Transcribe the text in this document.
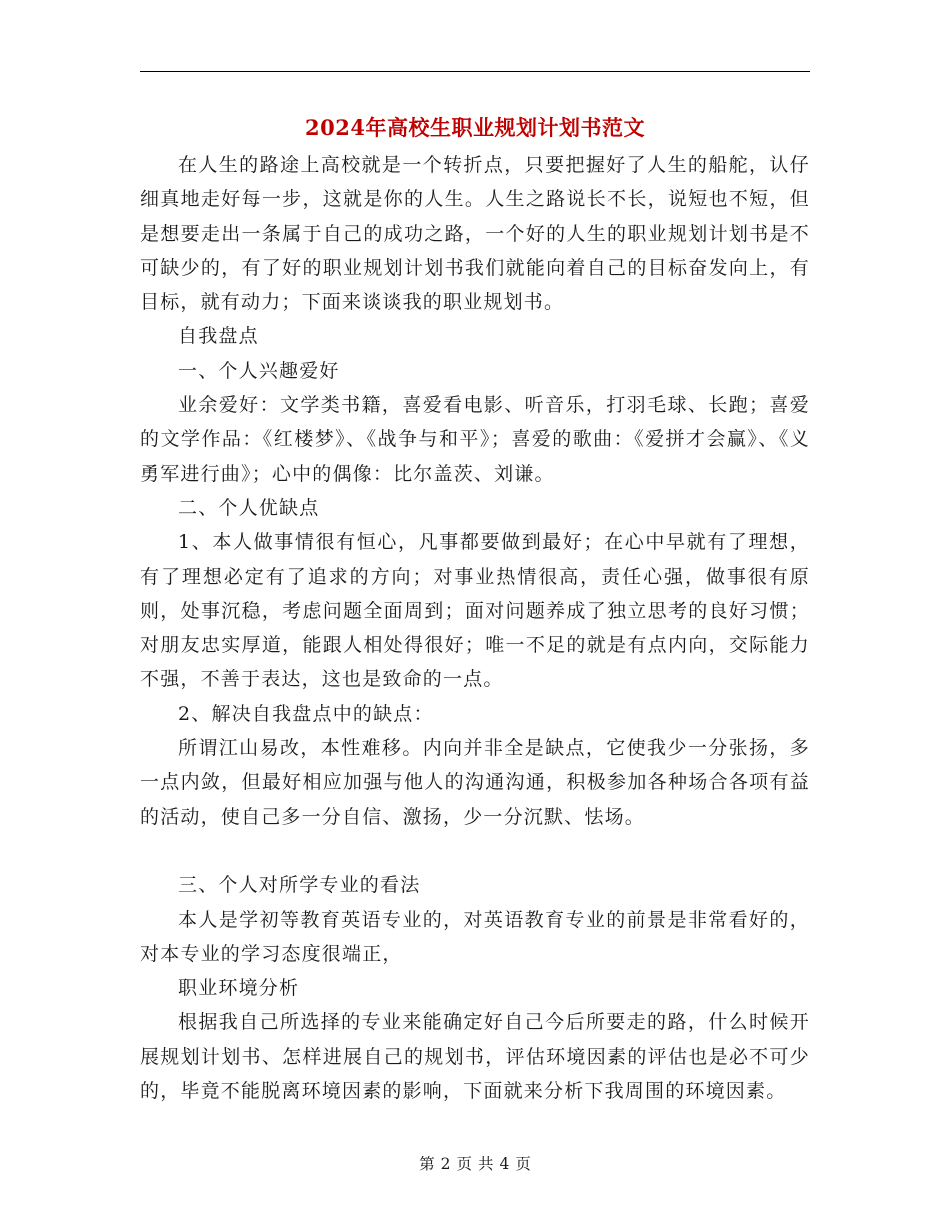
2024年高校生职业规划计划书范文

在人生的路途上高校就是一个转折点，只要把握好了人生的船舵，认仔细真地走好每一步，这就是你的人生。人生之路说长不长，说短也不短，但是想要走出一条属于自己的成功之路，一个好的人生的职业规划计划书是不可缺少的，有了好的职业规划计划书我们就能向着自己的目标奋发向上，有目标，就有动力；下面来谈谈我的职业规划书。

自我盘点

一、个人兴趣爱好

业余爱好：文学类书籍，喜爱看电影、听音乐，打羽毛球、长跑；喜爱的文学作品：《红楼梦》、《战争与和平》；喜爱的歌曲：《爱拼才会赢》、《义勇军进行曲》；心中的偶像：比尔盖茨、刘谦。

二、个人优缺点

1、本人做事情很有恒心，凡事都要做到最好；在心中早就有了理想，有了理想必定有了追求的方向；对事业热情很高，责任心强，做事很有原则，处事沉稳，考虑问题全面周到；面对问题养成了独立思考的良好习惯；对朋友忠实厚道，能跟人相处得很好；唯一不足的就是有点内向，交际能力不强，不善于表达，这也是致命的一点。

2、解决自我盘点中的缺点：

所谓江山易改，本性难移。内向并非全是缺点，它使我少一分张扬，多一点内敛，但最好相应加强与他人的沟通沟通，积极参加各种场合各项有益的活动，使自己多一分自信、激扬，少一分沉默、怯场。

三、个人对所学专业的看法

本人是学初等教育英语专业的，对英语教育专业的前景是非常看好的，对本专业的学习态度很端正，

职业环境分析

根据我自己所选择的专业来能确定好自己今后所要走的路，什么时候开展规划计划书、怎样进展自己的规划书，评估环境因素的评估也是必不可少的，毕竟不能脱离环境因素的影响，下面就来分析下我周围的环境因素。

第 2 页 共 4 页
